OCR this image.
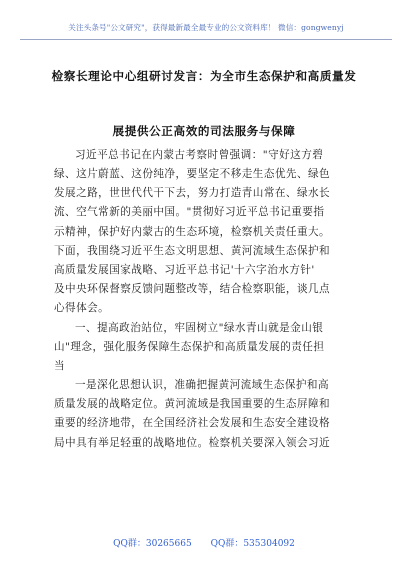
关注头条号"公文研究"，获得最新最全最专业的公文资料库！ 微信：gongwenyj
检察长理论中心组研讨发言：为全市生态保护和高质量发
展提供公正高效的司法服务与保障
习近平总书记在内蒙古考察时曾强调："守好这方碧
绿、这片蔚蓝、这份纯净，要坚定不移走生态优先、绿色
发展之路，世世代代干下去，努力打造青山常在、绿水长
流、空气常新的美丽中国。"贯彻好习近平总书记重要指
示精神，保护好内蒙古的生态环境，检察机关责任重大。
下面，我围绕习近平生态文明思想、黄河流域生态保护和
高质量发展国家战略、习近平总书记'十六字治水方针'
及中央环保督察反馈问题整改等，结合检察职能，谈几点
心得体会。
一、提高政治站位，牢固树立"绿水青山就是金山银
山"理念，强化服务保障生态保护和高质量发展的责任担
当
一是深化思想认识，准确把握黄河流域生态保护和高
质量发展的战略定位。黄河流域是我国重要的生态屏障和
重要的经济地带，在全国经济社会发展和生态安全建设格
局中具有举足轻重的战略地位。检察机关要深入领会习近
QQ群：30265665 QQ群：535304092
